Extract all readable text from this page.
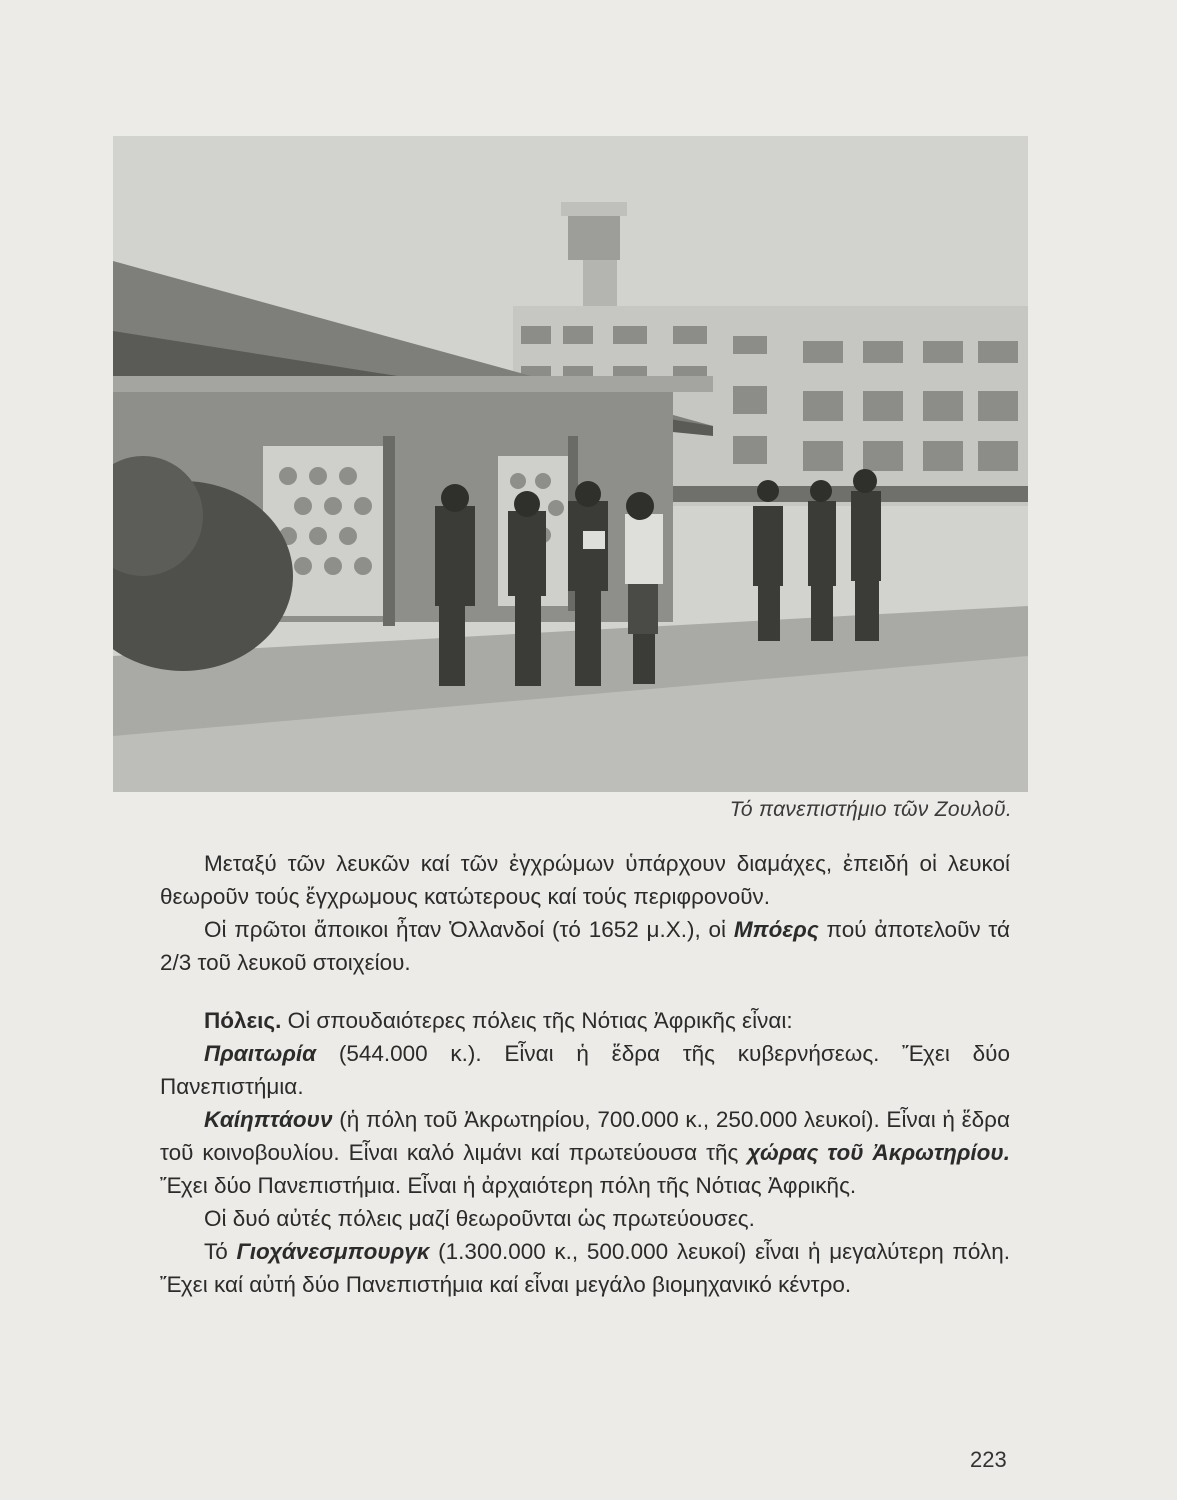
Τό πανεπιστήμιο τῶν Ζουλοῦ.

Μεταξύ τῶν λευκῶν καί τῶν ἐγχρώμων ὑπάρχουν διαμάχες, ἐπειδή οἱ λευκοί θεωροῦν τούς ἔγχρωμους κατώτερους καί τούς περιφρονοῦν.

Οἱ πρῶτοι ἄποικοι ἦταν Ὁλλανδοί (τό 1652 μ.Χ.), οἱ Μπόερς πού ἀποτελοῦν τά 2/3 τοῦ λευκοῦ στοιχείου.

Πόλεις. Οἱ σπουδαιότερες πόλεις τῆς Νότιας Ἀφρικῆς εἶναι:

Πραιτωρία (544.000 κ.). Εἶναι ἡ ἕδρα τῆς κυβερνήσεως. Ἔχει δύο Πανεπιστήμια.

Καίηπτάουν (ἡ πόλη τοῦ Ἀκρωτηρίου, 700.000 κ., 250.000 λευκοί). Εἶναι ἡ ἕδρα τοῦ κοινοβουλίου. Εἶναι καλό λιμάνι καί πρωτεύουσα τῆς χώρας τοῦ Ἀκρωτηρίου. Ἔχει δύο Πανεπιστήμια. Εἶναι ἡ ἀρχαιότερη πόλη τῆς Νότιας Ἀφρικῆς.

Οἱ δυό αὐτές πόλεις μαζί θεωροῦνται ὡς πρωτεύουσες.

Τό Γιοχάνεσμπουργκ (1.300.000 κ., 500.000 λευκοί) εἶναι ἡ μεγαλύτερη πόλη. Ἔχει καί αὐτή δύο Πανεπιστήμια καί εἶναι μεγάλο βιομηχανικό κέντρο.

223
